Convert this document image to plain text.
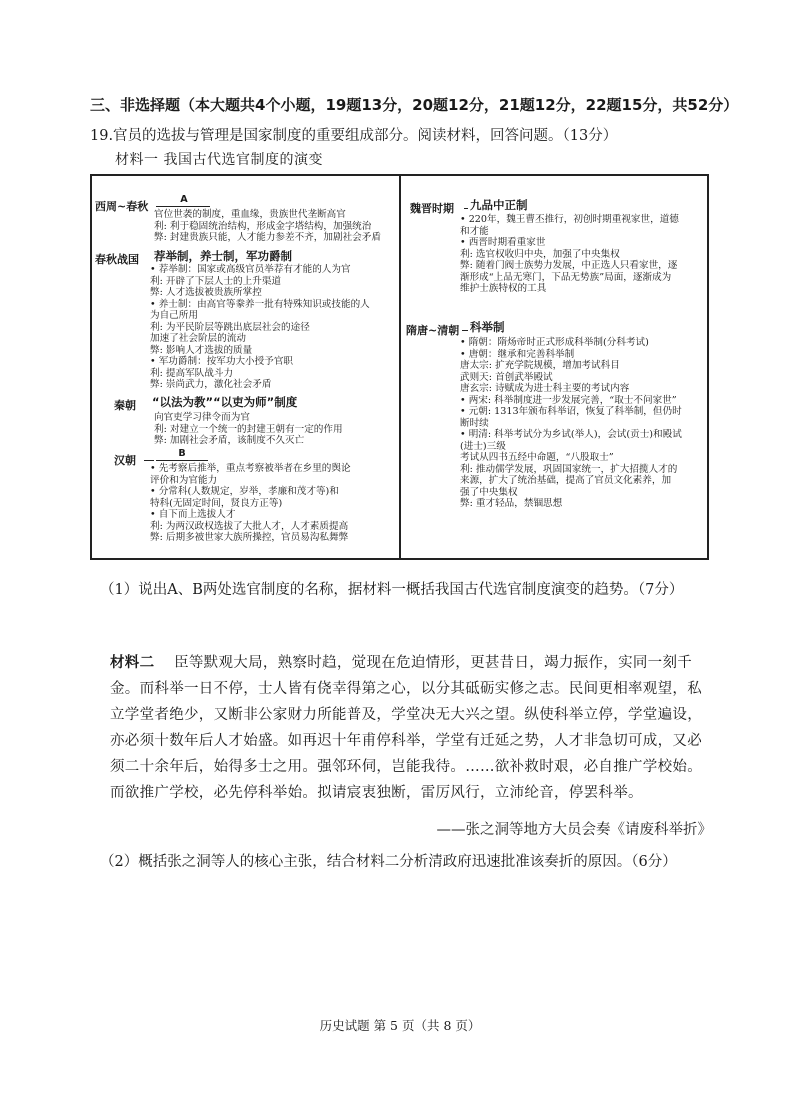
三、非选择题（本大题共4个小题，19题13分，20题12分，21题12分，22题15分，共52分）
19.官员的选拔与管理是国家制度的重要组成部分。阅读材料，回答问题。（13分）
材料一 我国古代选官制度的演变
西周~春秋
A
官位世袭的制度，重血缘，贵族世代垄断高官
利: 利于稳固统治结构，形成金字塔结构，加强统治
弊: 封建贵族只能，人才能力参差不齐，加剧社会矛盾
春秋战国 荐举制，养士制，军功爵制
• 荐举制：国家或高级官员举荐有才能的人为官
利: 开辟了下层人士的上升渠道
弊: 人才选拔被贵族所掌控
• 养士制：由高官等豢养一批有特殊知识或技能的人
为自己所用
利: 为平民阶层等跳出底层社会的途径
加速了社会阶层的流动
弊: 影响人才选拔的质量
• 军功爵制：按军功大小授予官职
利: 提高军队战斗力
弊: 崇尚武力，激化社会矛盾
秦朝 “以法为教”“以吏为师”制度
向官吏学习律令而为官
利: 对建立一个统一的封建王朝有一定的作用
弊: 加剧社会矛盾，该制度不久灭亡
汉朝
B
• 先考察后推举，重点考察被举者在乡里的舆论
评价和为官能力
• 分常科(人数规定，岁举，孝廉和茂才等)和
特科(无固定时间，贤良方正等)
• 自下而上选拔人才
利: 为两汉政权选拔了大批人才，人才素质提高
弊: 后期多被世家大族所操控，官员易沟私舞弊
魏晋时期 九品中正制
• 220年，魏王曹丕推行，初创时期重视家世，道德
和才能
• 西晋时期看重家世
利: 选官权收归中央，加强了中央集权
弊: 随着门阀士族势力发展，中正选人只看家世，逐
渐形成“上品无寒门，下品无势族”局面，逐渐成为
维护士族特权的工具
隋唐~清朝 科举制
• 隋朝：隋炀帝时正式形成科举制(分科考试)
• 唐朝：继承和完善科举制
唐太宗: 扩充学院规模，增加考试科目
武则天: 首创武举殿试
唐玄宗: 诗赋成为进士科主要的考试内容
• 两宋: 科举制度进一步发展完善，“取士不问家世”
• 元朝: 1313年颁布科举诏，恢复了科举制，但仍时
断时续
• 明清: 科举考试分为乡试(举人)，会试(贡士)和殿试
(进士)三级
考试从四书五经中命题，“八股取士”
利: 推动儒学发展，巩固国家统一，扩大招揽人才的
来源，扩大了统治基础，提高了官员文化素养，加
强了中央集权
弊: 重才轻品，禁锢思想
（1）说出A、B两处选官制度的名称，据材料一概括我国古代选官制度演变的趋势。（7分）
材料二 臣等默观大局，熟察时趋，觉现在危迫情形，更甚昔日，竭力振作，实同一刻千金。而科举一日不停，士人皆有侥幸得第之心，以分其砥砺实修之志。民间更相率观望，私立学堂者绝少，又断非公家财力所能普及，学堂决无大兴之望。纵使科举立停，学堂遍设，亦必须十数年后人才始盛。如再迟十年甫停科举，学堂有迁延之势，人才非急切可成，又必须二十余年后，始得多士之用。强邻环伺，岂能我待。……欲补救时艰，必自推广学校始。而欲推广学校，必先停科举始。拟请宸衷独断，雷厉风行，立沛纶音，停罢科举。
——张之洞等地方大员会奏《请废科举折》
（2）概括张之洞等人的核心主张，结合材料二分析清政府迅速批准该奏折的原因。（6分）
历史试题 第 5 页（共 8 页）
